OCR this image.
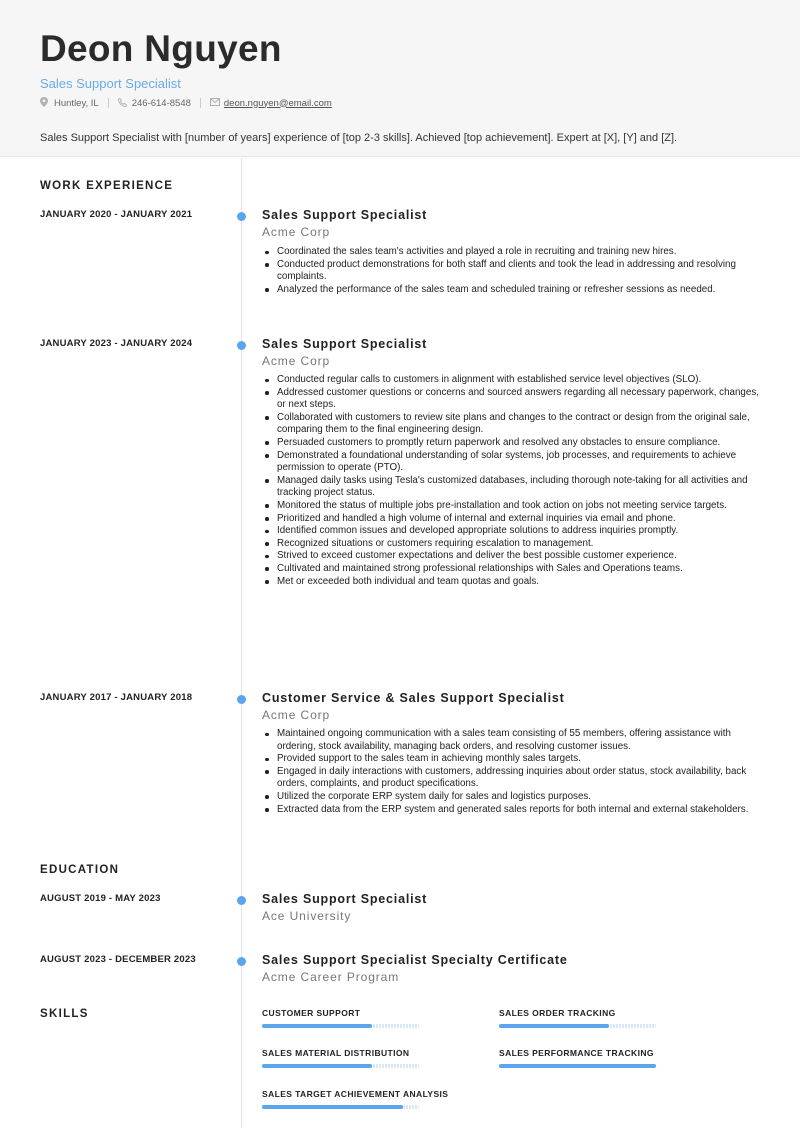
Deon Nguyen
Sales Support Specialist
Huntley, IL	246-614-8548	deon.nguyen@email.com
Sales Support Specialist with [number of years] experience of [top 2-3 skills]. Achieved [top achievement]. Expert at [X], [Y] and [Z].
WORK EXPERIENCE
JANUARY 2020 - JANUARY 2021	Sales Support Specialist
Acme Corp
Coordinated the sales team's activities and played a role in recruiting and training new hires.
Conducted product demonstrations for both staff and clients and took the lead in addressing and resolving complaints.
Analyzed the performance of the sales team and scheduled training or refresher sessions as needed.
JANUARY 2023 - JANUARY 2024	Sales Support Specialist
Acme Corp
Conducted regular calls to customers in alignment with established service level objectives (SLO).
Addressed customer questions or concerns and sourced answers regarding all necessary paperwork, changes, or next steps.
Collaborated with customers to review site plans and changes to the contract or design from the original sale, comparing them to the final engineering design.
Persuaded customers to promptly return paperwork and resolved any obstacles to ensure compliance.
Demonstrated a foundational understanding of solar systems, job processes, and requirements to achieve permission to operate (PTO).
Managed daily tasks using Tesla's customized databases, including thorough note-taking for all activities and tracking project status.
Monitored the status of multiple jobs pre-installation and took action on jobs not meeting service targets.
Prioritized and handled a high volume of internal and external inquiries via email and phone.
Identified common issues and developed appropriate solutions to address inquiries promptly.
Recognized situations or customers requiring escalation to management.
Strived to exceed customer expectations and deliver the best possible customer experience.
Cultivated and maintained strong professional relationships with Sales and Operations teams.
Met or exceeded both individual and team quotas and goals.
JANUARY 2017 - JANUARY 2018	Customer Service & Sales Support Specialist
Acme Corp
Maintained ongoing communication with a sales team consisting of 55 members, offering assistance with ordering, stock availability, managing back orders, and resolving customer issues.
Provided support to the sales team in achieving monthly sales targets.
Engaged in daily interactions with customers, addressing inquiries about order status, stock availability, back orders, complaints, and product specifications.
Utilized the corporate ERP system daily for sales and logistics purposes.
Extracted data from the ERP system and generated sales reports for both internal and external stakeholders.
EDUCATION
AUGUST 2019 - MAY 2023	Sales Support Specialist
Ace University
AUGUST 2023 - DECEMBER 2023	Sales Support Specialist Specialty Certificate
Acme Career Program
SKILLS	CUSTOMER SUPPORT	SALES ORDER TRACKING
SALES MATERIAL DISTRIBUTION	SALES PERFORMANCE TRACKING
SALES TARGET ACHIEVEMENT ANALYSIS
